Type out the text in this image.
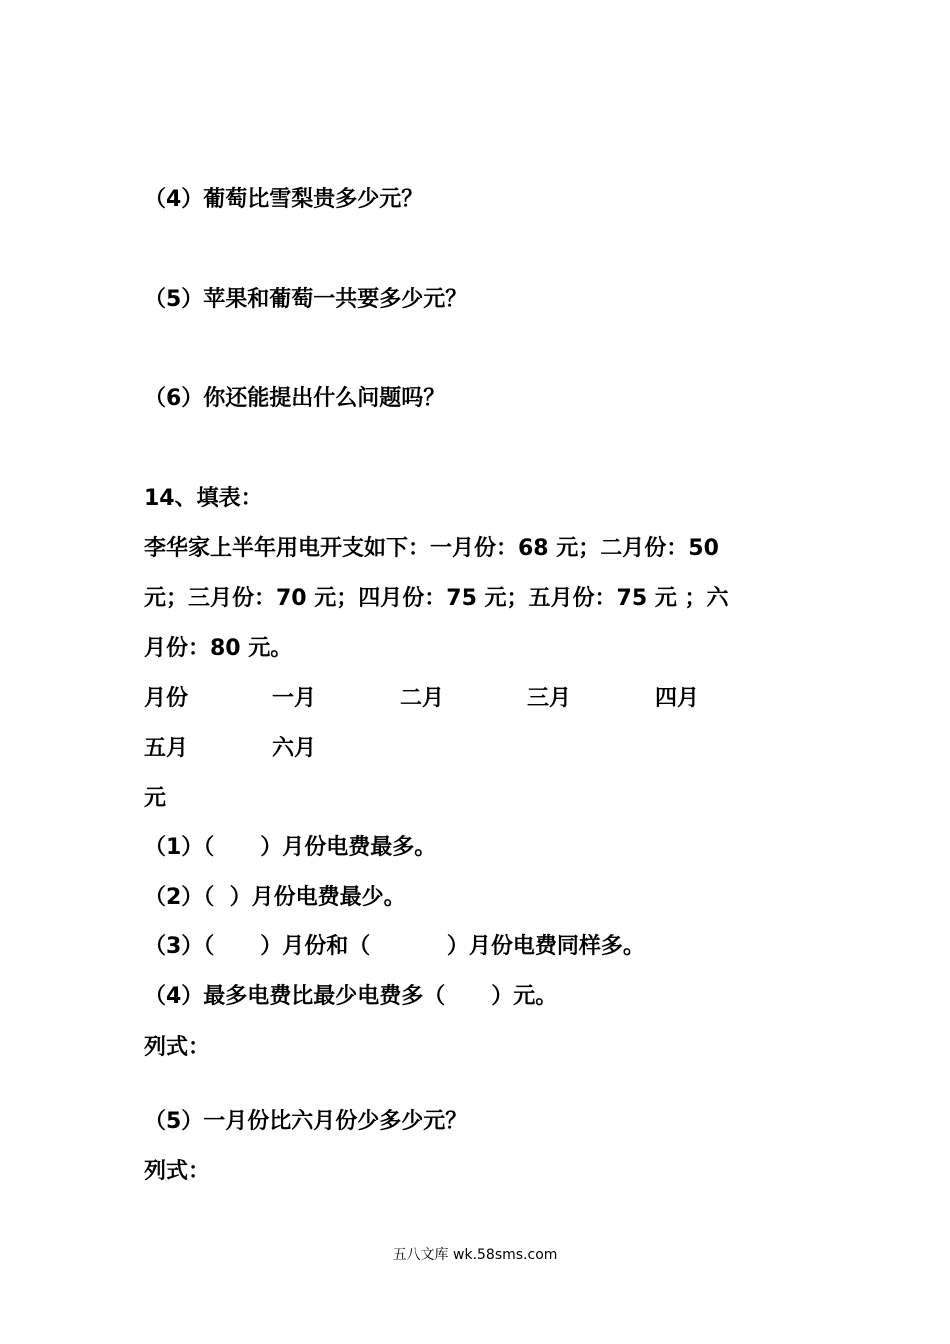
（4）葡萄比雪梨贵多少元？
（5）苹果和葡萄一共要多少元？
（6）你还能提出什么问题吗？
14、填表：
李华家上半年用电开支如下：一月份：68 元；二月份：50
元；三月份：70 元；四月份：75 元；五月份：75 元 ；六
月份：80 元。
月份	一月	二月	三月	四月
五月	六月
元
（1）（      ）月份电费最多。
（2）（  ）月份电费最少。
（3）（      ）月份和（          ）月份电费同样多。
（4）最多电费比最少电费多（      ）元。
列式：
（5）一月份比六月份少多少元？
列式：
五八文库 wk.58sms.com
